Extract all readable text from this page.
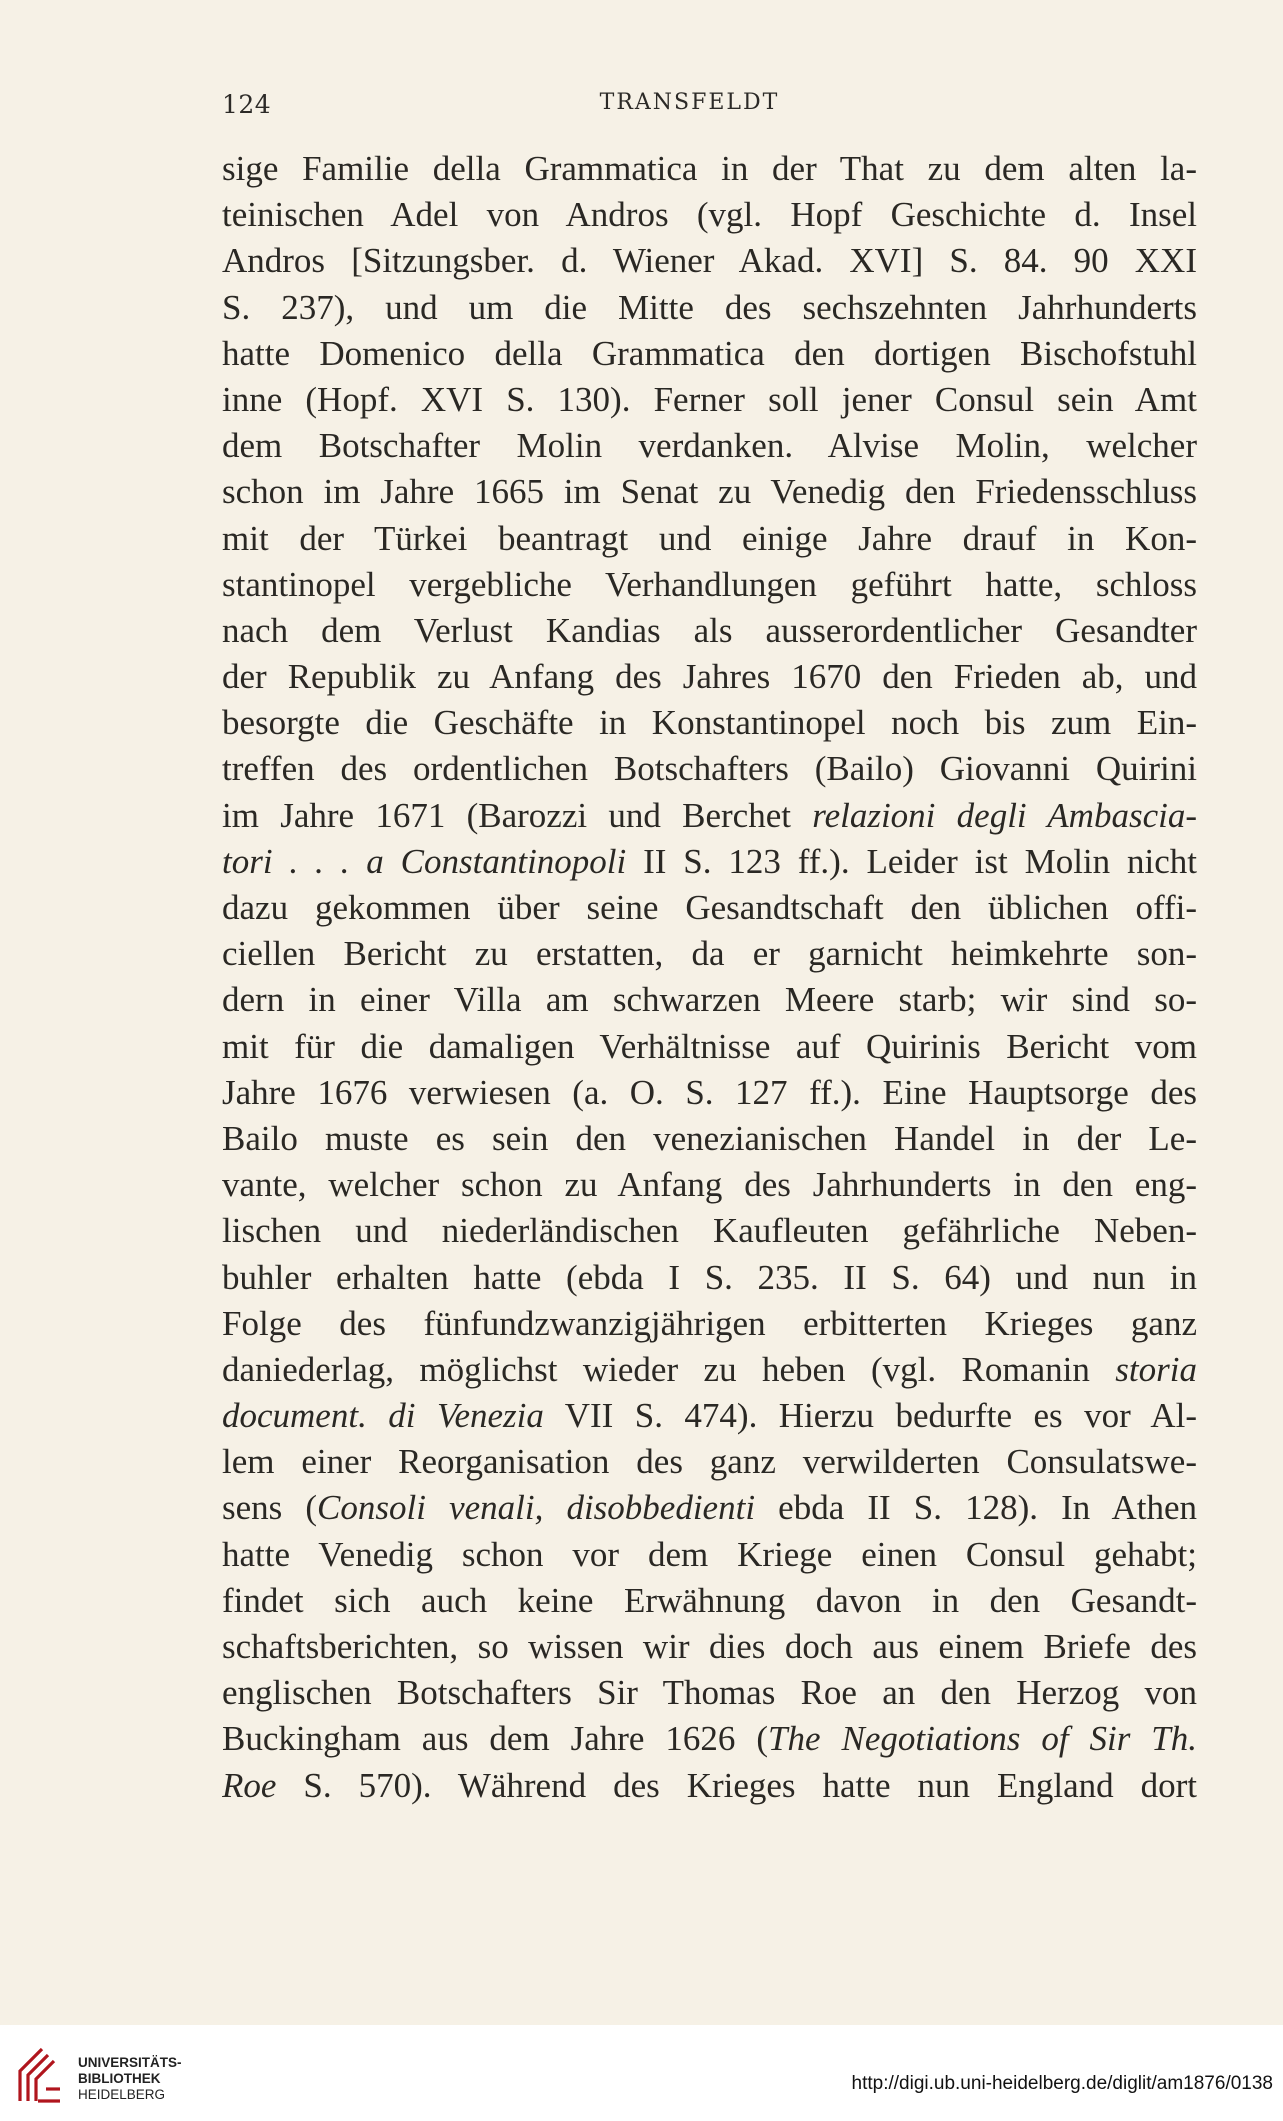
124	TRANSFELDT
sige Familie della Grammatica in der That zu dem alten la-
teinischen Adel von Andros (vgl. Hopf Geschichte d. Insel
Andros [Sitzungsber. d. Wiener Akad. XVI] S. 84. 90 XXI
S. 237), und um die Mitte des sechszehnten Jahrhunderts
hatte Domenico della Grammatica den dortigen Bischofstuhl
inne (Hopf. XVI S. 130). Ferner soll jener Consul sein Amt
dem Botschafter Molin verdanken. Alvise Molin, welcher
schon im Jahre 1665 im Senat zu Venedig den Friedensschluss
mit der Türkei beantragt und einige Jahre drauf in Kon-
stantinopel vergebliche Verhandlungen geführt hatte, schloss
nach dem Verlust Kandias als ausserordentlicher Gesandter
der Republik zu Anfang des Jahres 1670 den Frieden ab, und
besorgte die Geschäfte in Konstantinopel noch bis zum Ein-
treffen des ordentlichen Botschafters (Bailo) Giovanni Quirini
im Jahre 1671 (Barozzi und Berchet relazioni degli Ambascia-
tori . . . a Constantinopoli II S. 123 ff.). Leider ist Molin nicht
dazu gekommen über seine Gesandtschaft den üblichen offi-
ciellen Bericht zu erstatten, da er garnicht heimkehrte son-
dern in einer Villa am schwarzen Meere starb; wir sind so-
mit für die damaligen Verhältnisse auf Quirinis Bericht vom
Jahre 1676 verwiesen (a. O. S. 127 ff.). Eine Hauptsorge des
Bailo muste es sein den venezianischen Handel in der Le-
vante, welcher schon zu Anfang des Jahrhunderts in den eng-
lischen und niederländischen Kaufleuten gefährliche Neben-
buhler erhalten hatte (ebda I S. 235. II S. 64) und nun in
Folge des fünfundzwanzigjährigen erbitterten Krieges ganz
daniederlag, möglichst wieder zu heben (vgl. Romanin storia
document. di Venezia VII S. 474). Hierzu bedurfte es vor Al-
lem einer Reorganisation des ganz verwilderten Consulatswe-
sens (Consoli venali, disobbedienti ebda II S. 128). In Athen
hatte Venedig schon vor dem Kriege einen Consul gehabt;
findet sich auch keine Erwähnung davon in den Gesandt-
schaftsberichten, so wissen wir dies doch aus einem Briefe des
englischen Botschafters Sir Thomas Roe an den Herzog von
Buckingham aus dem Jahre 1626 (The Negotiations of Sir Th.
Roe S. 570). Während des Krieges hatte nun England dort
UNIVERSITÄTS-
BIBLIOTHEK
HEIDELBERG
http://digi.ub.uni-heidelberg.de/diglit/am1876/0138
